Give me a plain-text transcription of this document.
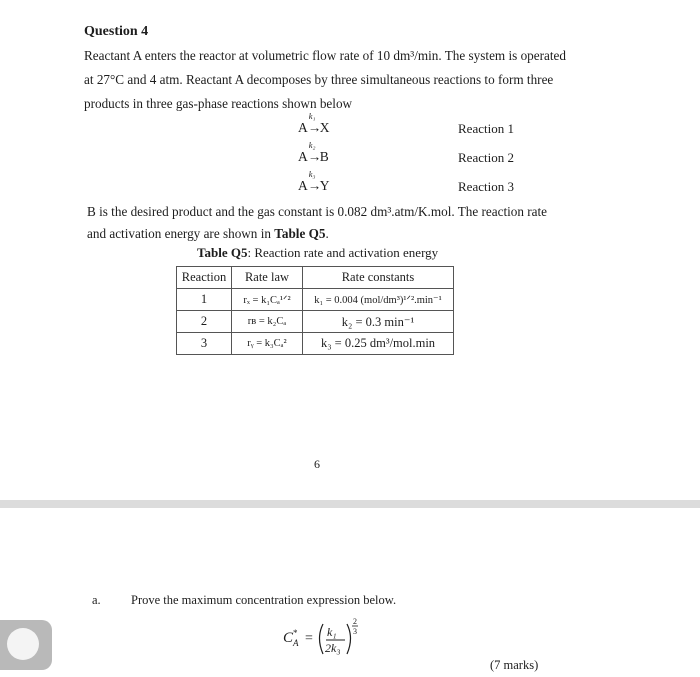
Question 4
Reactant A enters the reactor at volumetric flow rate of 10 dm³/min. The system is operated
at 27°C and 4 atm. Reactant A decomposes by three simultaneous reactions to form three
products in three gas-phase reactions shown below
A
k₁
→X	Reaction 1
A
k₂
→B	Reaction 2
A
k₃
→Y	Reaction 3
B is the desired product and the gas constant is 0.082 dm³.atm/K.mol. The reaction rate
and activation energy are shown in Table Q5.
Table Q5: Reaction rate and activation energy
Reaction	Rate law	Rate constants
1	rₓ = k₁Cₐ¹ᐟ²	k₁ = 0.004 (mol/dm³)¹ᐟ².min⁻¹
2	rʙ = k₂Cₐ	k₂ = 0.3 min⁻¹
3	rᵧ = k₃Cₐ²	k₃ = 0.25 dm³/mol.min
6
a. Prove the maximum concentration expression below.
C *
A = k₁
2k₃
2
3
(7 marks)
